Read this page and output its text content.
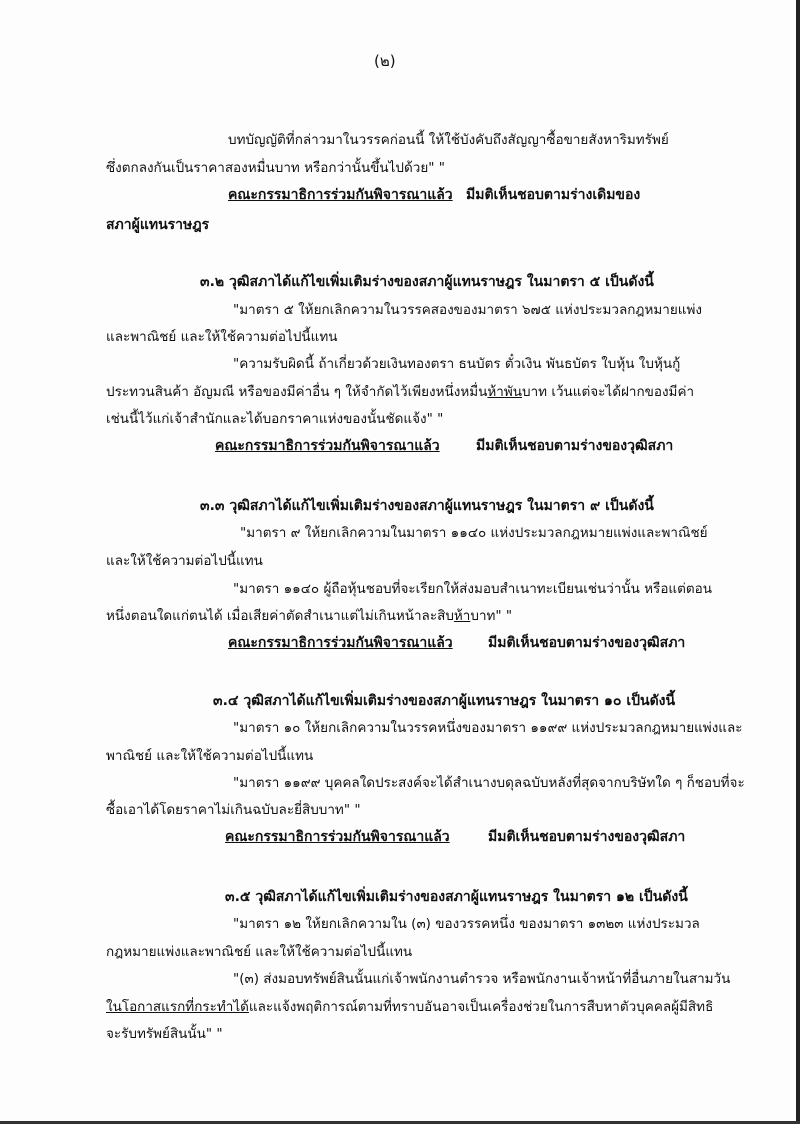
(๒)
บทบัญญัติที่กล่าวมาในวรรคก่อนนี้ ให้ใช้บังคับถึงสัญญาซื้อขายสังหาริมทรัพย์
ซึ่งตกลงกันเป็นราคาสองหมื่นบาท หรือกว่านั้นขึ้นไปด้วย" "
คณะกรรมาธิการร่วมกันพิจารณาแล้ว มีมติเห็นชอบตามร่างเดิมของ
สภาผู้แทนราษฎร
๓.๒ วุฒิสภาได้แก้ไขเพิ่มเติมร่างของสภาผู้แทนราษฎร ในมาตรา ๕ เป็นดังนี้
"มาตรา ๕ ให้ยกเลิกความในวรรคสองของมาตรา ๖๗๕ แห่งประมวลกฎหมายแพ่ง
และพาณิชย์ และให้ใช้ความต่อไปนี้แทน
"ความรับผิดนี้ ถ้าเกี่ยวด้วยเงินทองตรา ธนบัตร ตั๋วเงิน พันธบัตร ใบหุ้น ใบหุ้นกู้
ประทวนสินค้า อัญมณี หรือของมีค่าอื่น ๆ ให้จำกัดไว้เพียงหนึ่งหมื่นห้าพันบาท เว้นแต่จะได้ฝากของมีค่า
เช่นนี้ไว้แก่เจ้าสำนักและได้บอกราคาแห่งของนั้นชัดแจ้ง" "
คณะกรรมาธิการร่วมกันพิจารณาแล้ว	มีมติเห็นชอบตามร่างของวุฒิสภา
๓.๓ วุฒิสภาได้แก้ไขเพิ่มเติมร่างของสภาผู้แทนราษฎร ในมาตรา ๙ เป็นดังนี้
"มาตรา ๙ ให้ยกเลิกความในมาตรา ๑๑๔๐ แห่งประมวลกฎหมายแพ่งและพาณิชย์
และให้ใช้ความต่อไปนี้แทน
"มาตรา ๑๑๔๐ ผู้ถือหุ้นชอบที่จะเรียกให้ส่งมอบสำเนาทะเบียนเช่นว่านั้น หรือแต่ตอน
หนึ่งตอนใดแก่ตนได้ เมื่อเสียค่าตัดสำเนาแต่ไม่เกินหน้าละสิบห้าบาท" "
คณะกรรมาธิการร่วมกันพิจารณาแล้ว	มีมติเห็นชอบตามร่างของวุฒิสภา
๓.๔ วุฒิสภาได้แก้ไขเพิ่มเติมร่างของสภาผู้แทนราษฎร ในมาตรา ๑๐ เป็นดังนี้
"มาตรา ๑๐ ให้ยกเลิกความในวรรคหนึ่งของมาตรา ๑๑๙๙ แห่งประมวลกฎหมายแพ่งและ
พาณิชย์ และให้ใช้ความต่อไปนี้แทน
"มาตรา ๑๑๙๙ บุคคลใดประสงค์จะได้สำเนางบดุลฉบับหลังที่สุดจากบริษัทใด ๆ ก็ชอบที่จะ
ซื้อเอาได้โดยราคาไม่เกินฉบับละยี่สิบบาท" "
คณะกรรมาธิการร่วมกันพิจารณาแล้ว	มีมติเห็นชอบตามร่างของวุฒิสภา
๓.๕ วุฒิสภาได้แก้ไขเพิ่มเติมร่างของสภาผู้แทนราษฎร ในมาตรา ๑๒ เป็นดังนี้
"มาตรา ๑๒ ให้ยกเลิกความใน (๓) ของวรรคหนึ่ง ของมาตรา ๑๓๒๓ แห่งประมวล
กฎหมายแพ่งและพาณิชย์ และให้ใช้ความต่อไปนี้แทน
"(๓) ส่งมอบทรัพย์สินนั้นแก่เจ้าพนักงานตำรวจ หรือพนักงานเจ้าหน้าที่อื่นภายในสามวัน
ในโอกาสแรกที่กระทำได้และแจ้งพฤติการณ์ตามที่ทราบอันอาจเป็นเครื่องช่วยในการสืบหาตัวบุคคลผู้มีสิทธิ
จะรับทรัพย์สินนั้น" "
